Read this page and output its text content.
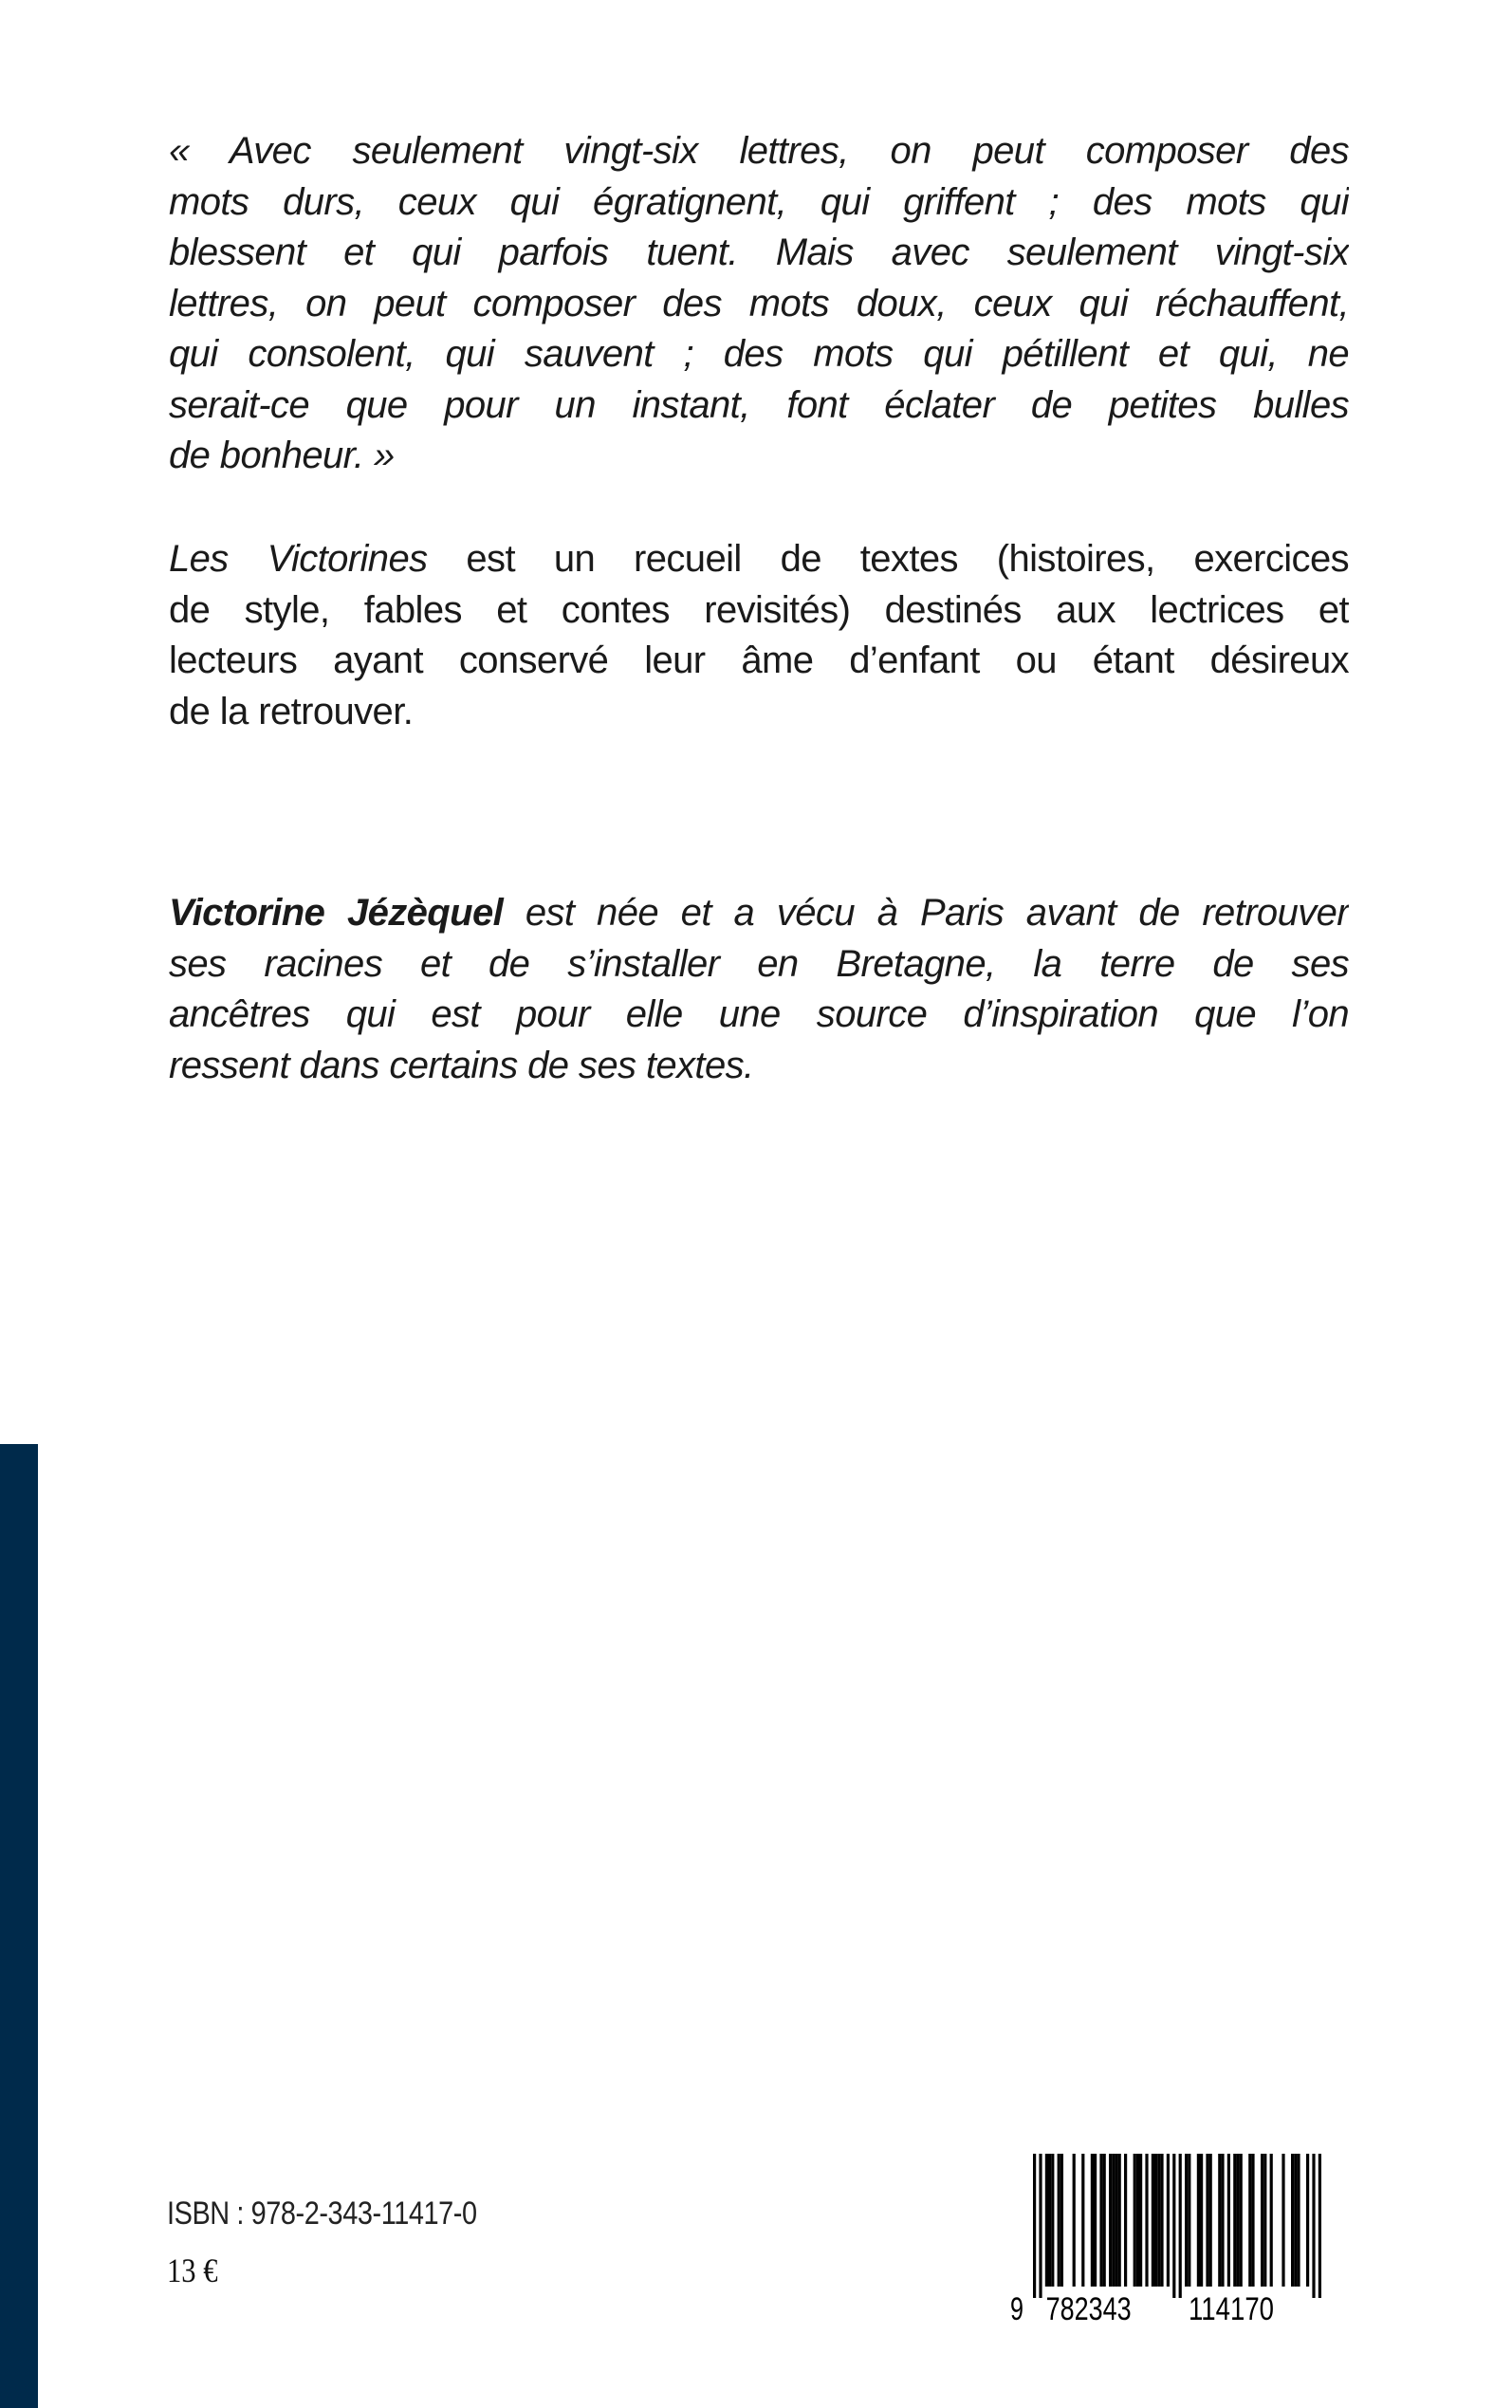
« Avec seulement vingt-six lettres, on peut composer des
mots durs, ceux qui égratignent, qui griffent ; des mots qui
blessent et qui parfois tuent. Mais avec seulement vingt-six
lettres, on peut composer des mots doux, ceux qui réchauffent,
qui consolent, qui sauvent ; des mots qui pétillent et qui, ne
serait-ce que pour un instant, font éclater de petites bulles
de bonheur. »
Les Victorines est un recueil de textes (histoires, exercices
de style, fables et contes revisités) destinés aux lectrices et
lecteurs ayant conservé leur âme d’enfant ou étant désireux
de la retrouver.
Victorine Jézèquel est née et a vécu à Paris avant de retrouver
ses racines et de s’installer en Bretagne, la terre de ses
ancêtres qui est pour elle une source d’inspiration que l’on
ressent dans certains de ses textes.
ISBN : 978-2-343-11417-0
13 €
9 782343 114170
